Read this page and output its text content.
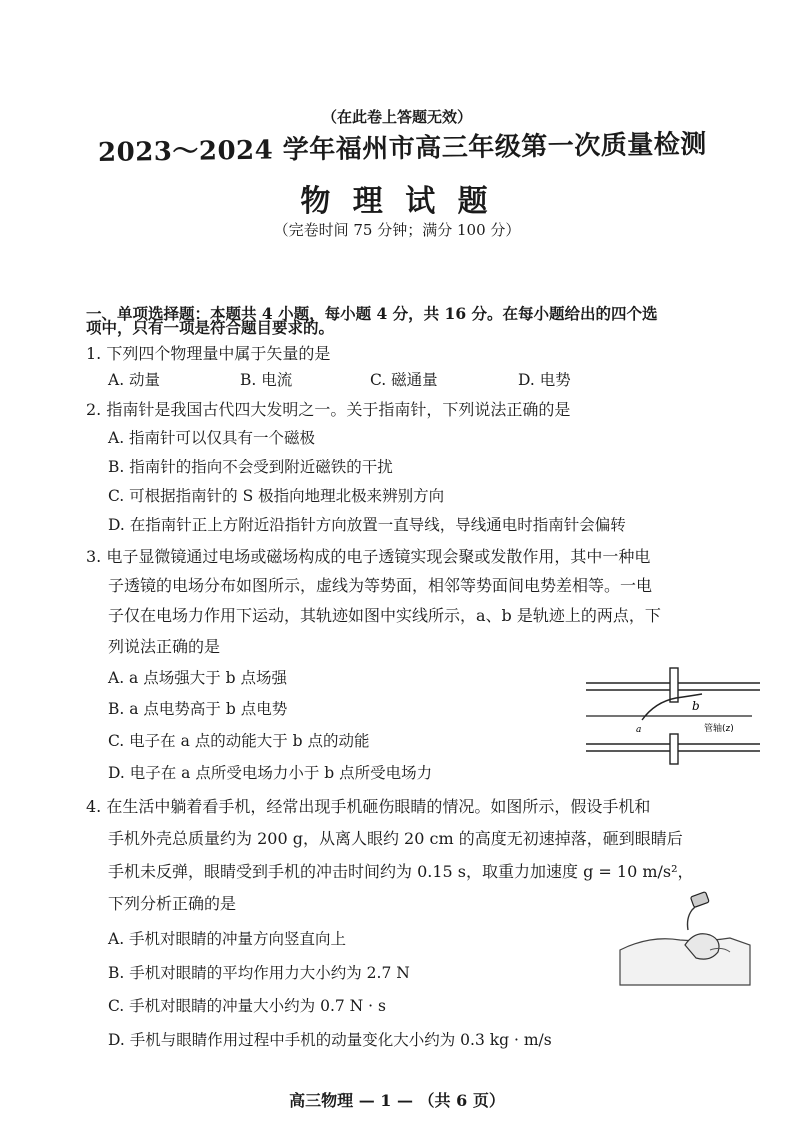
（在此卷上答题无效）
2023～2024 学年福州市高三年级第一次质量检测
物 理 试 题
（完卷时间 75 分钟；满分 100 分）
一、单项选择题：本题共 4 小题，每小题 4 分，共 16 分。在每小题给出的四个选
项中，只有一项是符合题目要求的。
1. 下列四个物理量中属于矢量的是
A. 动量	B. 电流	C. 磁通量	D. 电势
2. 指南针是我国古代四大发明之一。关于指南针，下列说法正确的是
A. 指南针可以仅具有一个磁极
B. 指南针的指向不会受到附近磁铁的干扰
C. 可根据指南针的 S 极指向地理北极来辨别方向
D. 在指南针正上方附近沿指针方向放置一直导线，导线通电时指南针会偏转
3. 电子显微镜通过电场或磁场构成的电子透镜实现会聚或发散作用，其中一种电
子透镜的电场分布如图所示，虚线为等势面，相邻等势面间电势差相等。一电
子仅在电场力作用下运动，其轨迹如图中实线所示，a、b 是轨迹上的两点，下
列说法正确的是
A. a 点场强大于 b 点场强
B. a 点电势高于 b 点电势
C. 电子在 a 点的动能大于 b 点的动能
D. 电子在 a 点所受电场力小于 b 点所受电场力
b
a	管轴(z)
4. 在生活中躺着看手机，经常出现手机砸伤眼睛的情况。如图所示，假设手机和
手机外壳总质量约为 200 g，从离人眼约 20 cm 的高度无初速掉落，砸到眼睛后
手机未反弹，眼睛受到手机的冲击时间约为 0.15 s，取重力加速度 g = 10 m/s²，
下列分析正确的是
A. 手机对眼睛的冲量方向竖直向上
B. 手机对眼睛的平均作用力大小约为 2.7 N
C. 手机对眼睛的冲量大小约为 0.7 N · s
D. 手机与眼睛作用过程中手机的动量变化大小约为 0.3 kg · m/s
高三物理 — 1 — （共 6 页）
